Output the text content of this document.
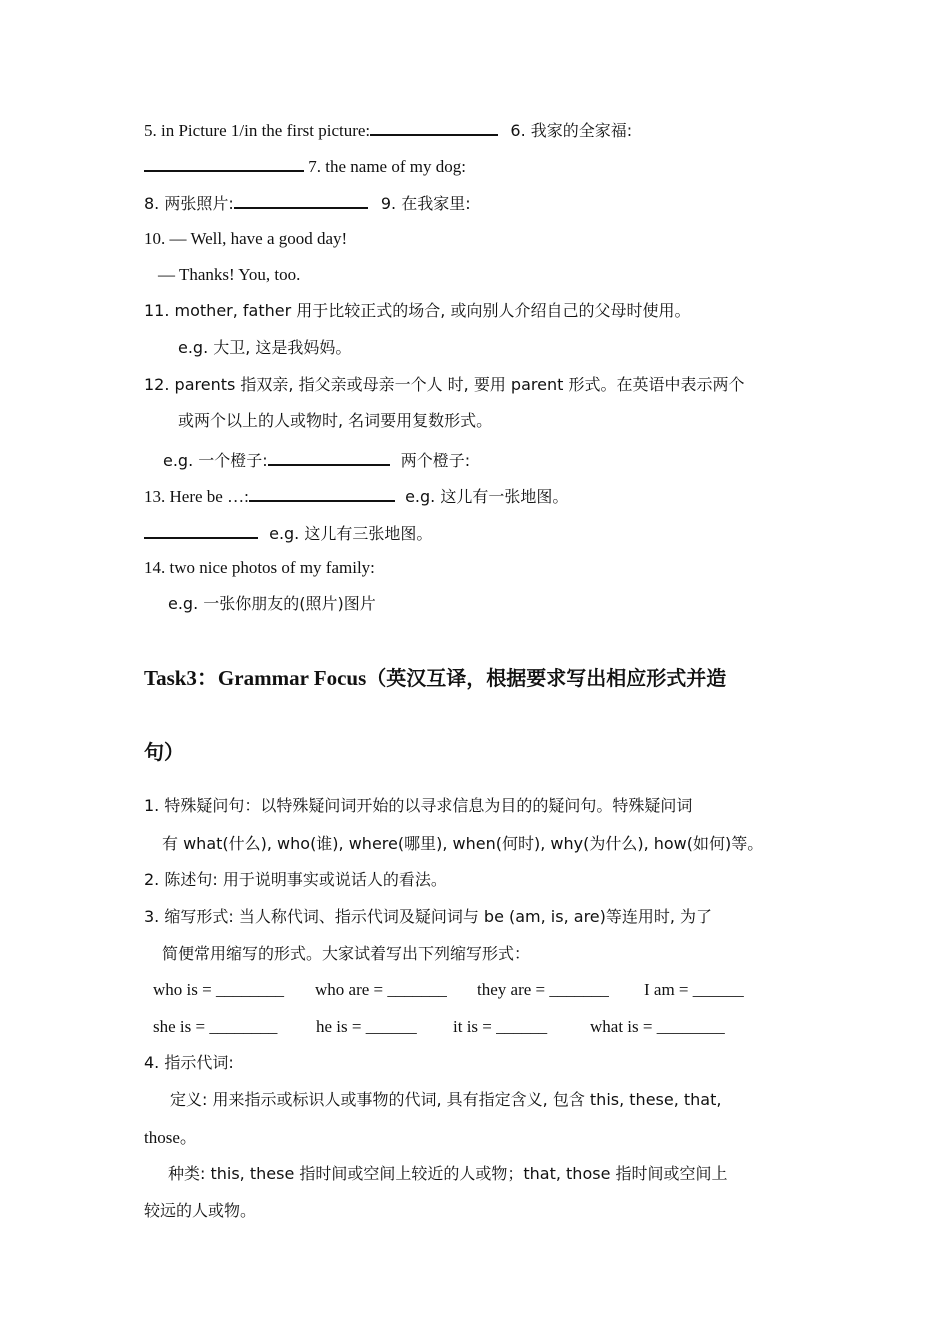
5. in Picture 1/in the first picture:	6. 我家的全家福:
7. the name of my dog:
8. 两张照片:	9. 在我家里:
10. — Well, have a good day!
— Thanks! You, too.
11. mother, father 用于比较正式的场合, 或向别人介绍自己的父母时使用。
e.g. 大卫, 这是我妈妈。
12. parents 指双亲, 指父亲或母亲一个人 时, 要用 parent 形式。在英语中表示两个
或两个以上的人或物时, 名词要用复数形式。
e.g. 一个橙子:	两个橙子:
13. Here be …:	e.g. 这儿有一张地图。
e.g. 这儿有三张地图。
14. two nice photos of my family:
e.g. 一张你朋友的(照片)图片
Task3：Grammar Focus（英汉互译，根据要求写出相应形式并造
句）
1. 特殊疑问句：以特殊疑问词开始的以寻求信息为目的的疑问句。特殊疑问词
有 what(什么), who(谁), where(哪里), when(何时), why(为什么), how(如何)等。
2. 陈述句: 用于说明事实或说话人的看法。
3. 缩写形式: 当人称代词、指示代词及疑问词与 be (am, is, are)等连用时, 为了
简便常用缩写的形式。大家试着写出下列缩写形式：
who is = ________ who are = _______ they are = _______ I am = ______
she is = ________ he is = ______ it is = ______	what is = ________
4. 指示代词:
定义: 用来指示或标识人或事物的代词, 具有指定含义, 包含 this, these, that,
those。
种类: this, these 指时间或空间上较近的人或物；that, those 指时间或空间上
较远的人或物。
